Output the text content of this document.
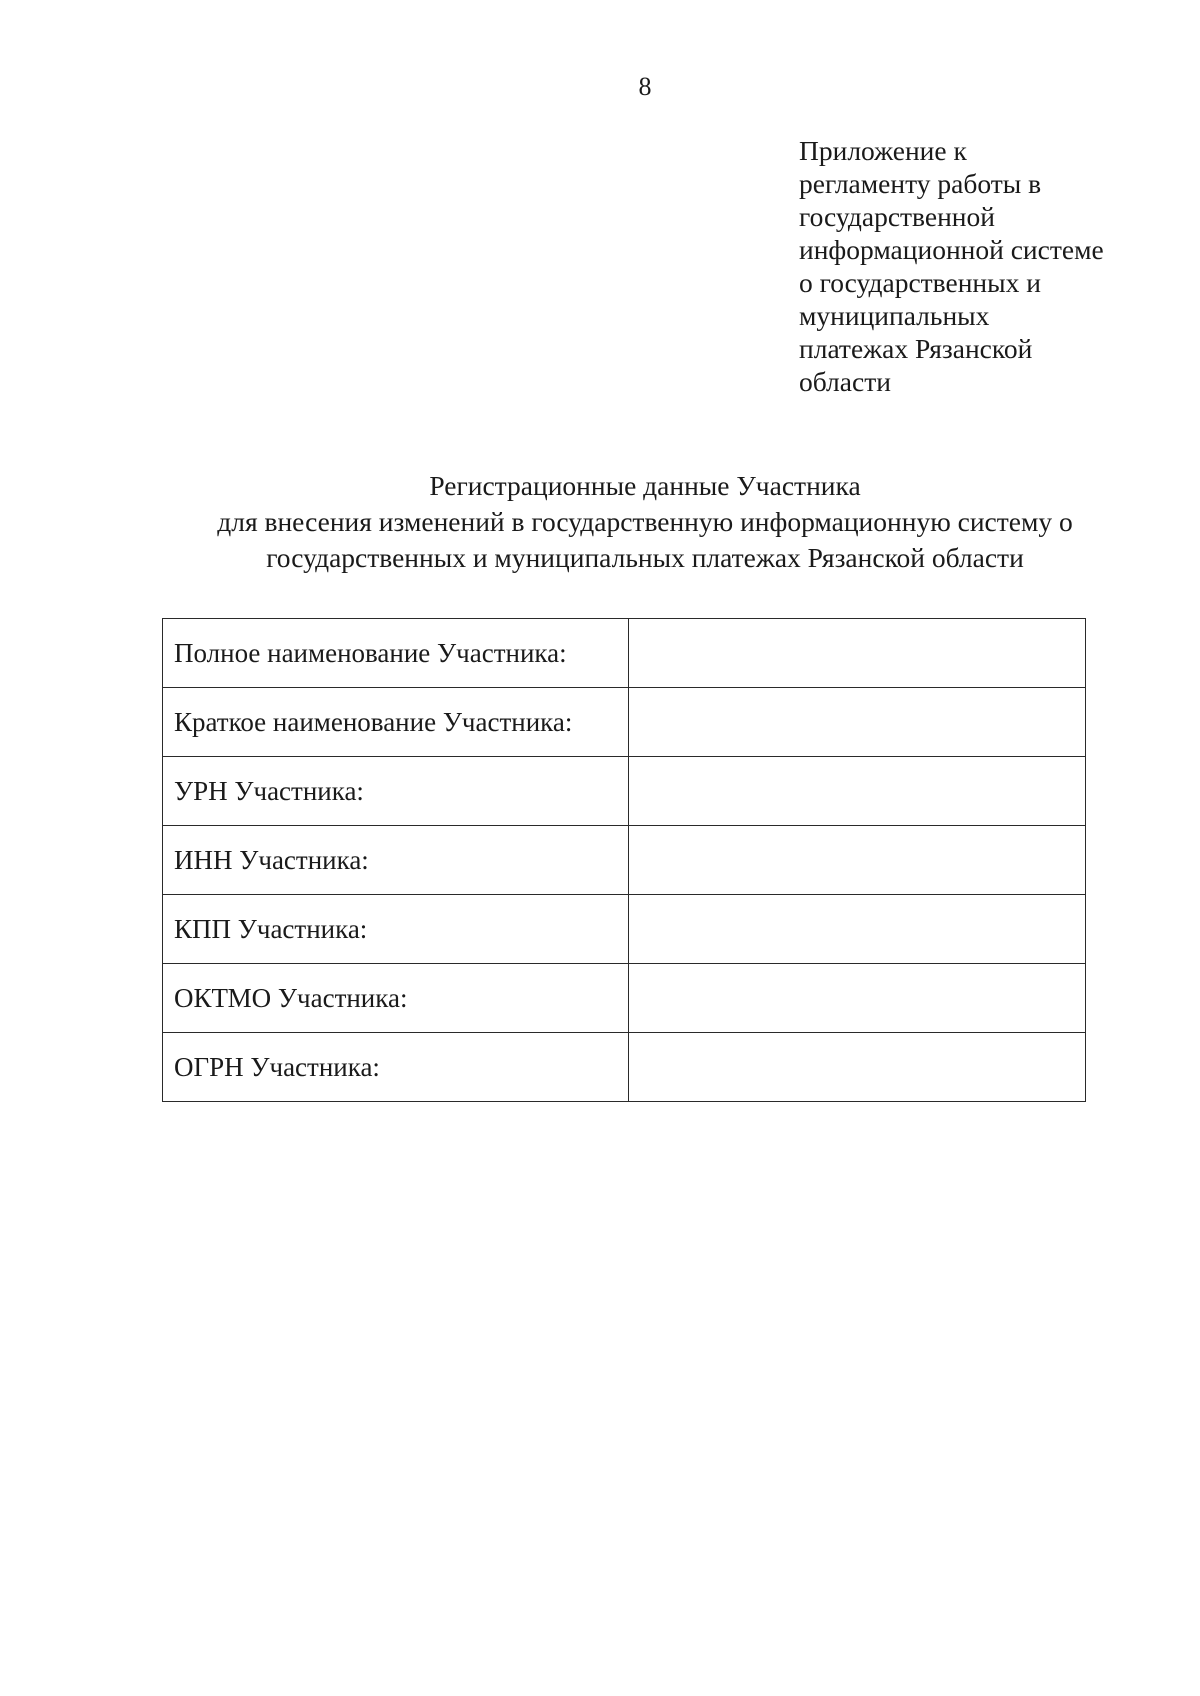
8
Приложение к
регламенту работы в
государственной
информационной системе
о государственных и
муниципальных
платежах Рязанской
области
Регистрационные данные Участника
для внесения изменений в государственную информационную систему о
государственных и муниципальных платежах Рязанской области
Полное наименование Участника:	
Краткое наименование Участника:	
УРН Участника:	
ИНН Участника:	
КПП Участника:	
ОКТМО Участника:	
ОГРН Участника:	
